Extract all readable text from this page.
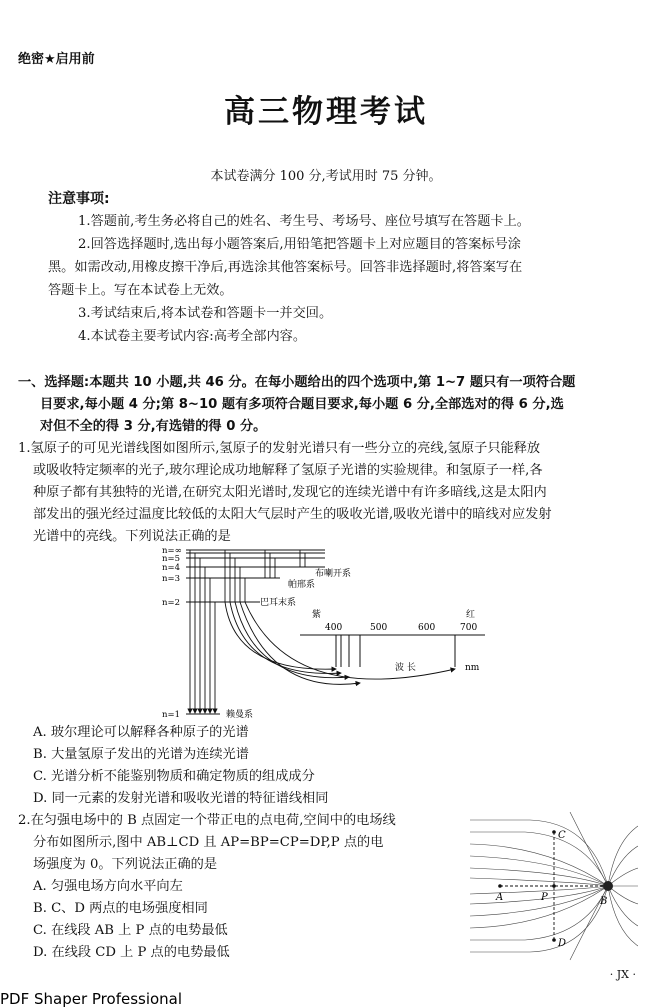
绝密★启用前
高三物理考试
本试卷满分 100 分,考试用时 75 分钟。
注意事项:
1.答题前,考生务必将自己的姓名、考生号、考场号、座位号填写在答题卡上。
2.回答选择题时,选出每小题答案后,用铅笔把答题卡上对应题目的答案标号涂
黑。如需改动,用橡皮擦干净后,再选涂其他答案标号。回答非选择题时,将答案写在
答题卡上。写在本试卷上无效。
3.考试结束后,将本试卷和答题卡一并交回。
4.本试卷主要考试内容:高考全部内容。
一、选择题:本题共 10 小题,共 46 分。在每小题给出的四个选项中,第 1~7 题只有一项符合题
目要求,每小题 4 分;第 8~10 题有多项符合题目要求,每小题 6 分,全部选对的得 6 分,选
对但不全的得 3 分,有选错的得 0 分。
1.氢原子的可见光谱线图如图所示,氢原子的发射光谱只有一些分立的亮线,氢原子只能释放
或吸收特定频率的光子,玻尔理论成功地解释了氢原子光谱的实验规律。和氢原子一样,各
种原子都有其独特的光谱,在研究太阳光谱时,发现它的连续光谱中有许多暗线,这是太阳内
部发出的强光经过温度比较低的太阳大气层时产生的吸收光谱,吸收光谱中的暗线对应发射
光谱中的亮线。下列说法正确的是
n=∞
n=5
n=4
n=3
n=2
n=1
布喇开系
帕邢系
巴耳末系
赖曼系
紫	红
400	500	600	700
波 长	nm
A. 玻尔理论可以解释各种原子的光谱
B. 大量氢原子发出的光谱为连续光谱
C. 光谱分析不能鉴别物质和确定物质的组成成分
D. 同一元素的发射光谱和吸收光谱的特征谱线相同
2.在匀强电场中的 B 点固定一个带正电的点电荷,空间中的电场线
分布如图所示,图中 AB⊥CD 且 AP=BP=CP=DP,P 点的电
场强度为 0。下列说法正确的是
A. 匀强电场方向水平向左
B. C、D 两点的电场强度相同
C. 在线段 AB 上 P 点的电势最低
D. 在线段 CD 上 P 点的电势最低
A	P	B
C
D
· JX ·
PDF Shaper Professional
